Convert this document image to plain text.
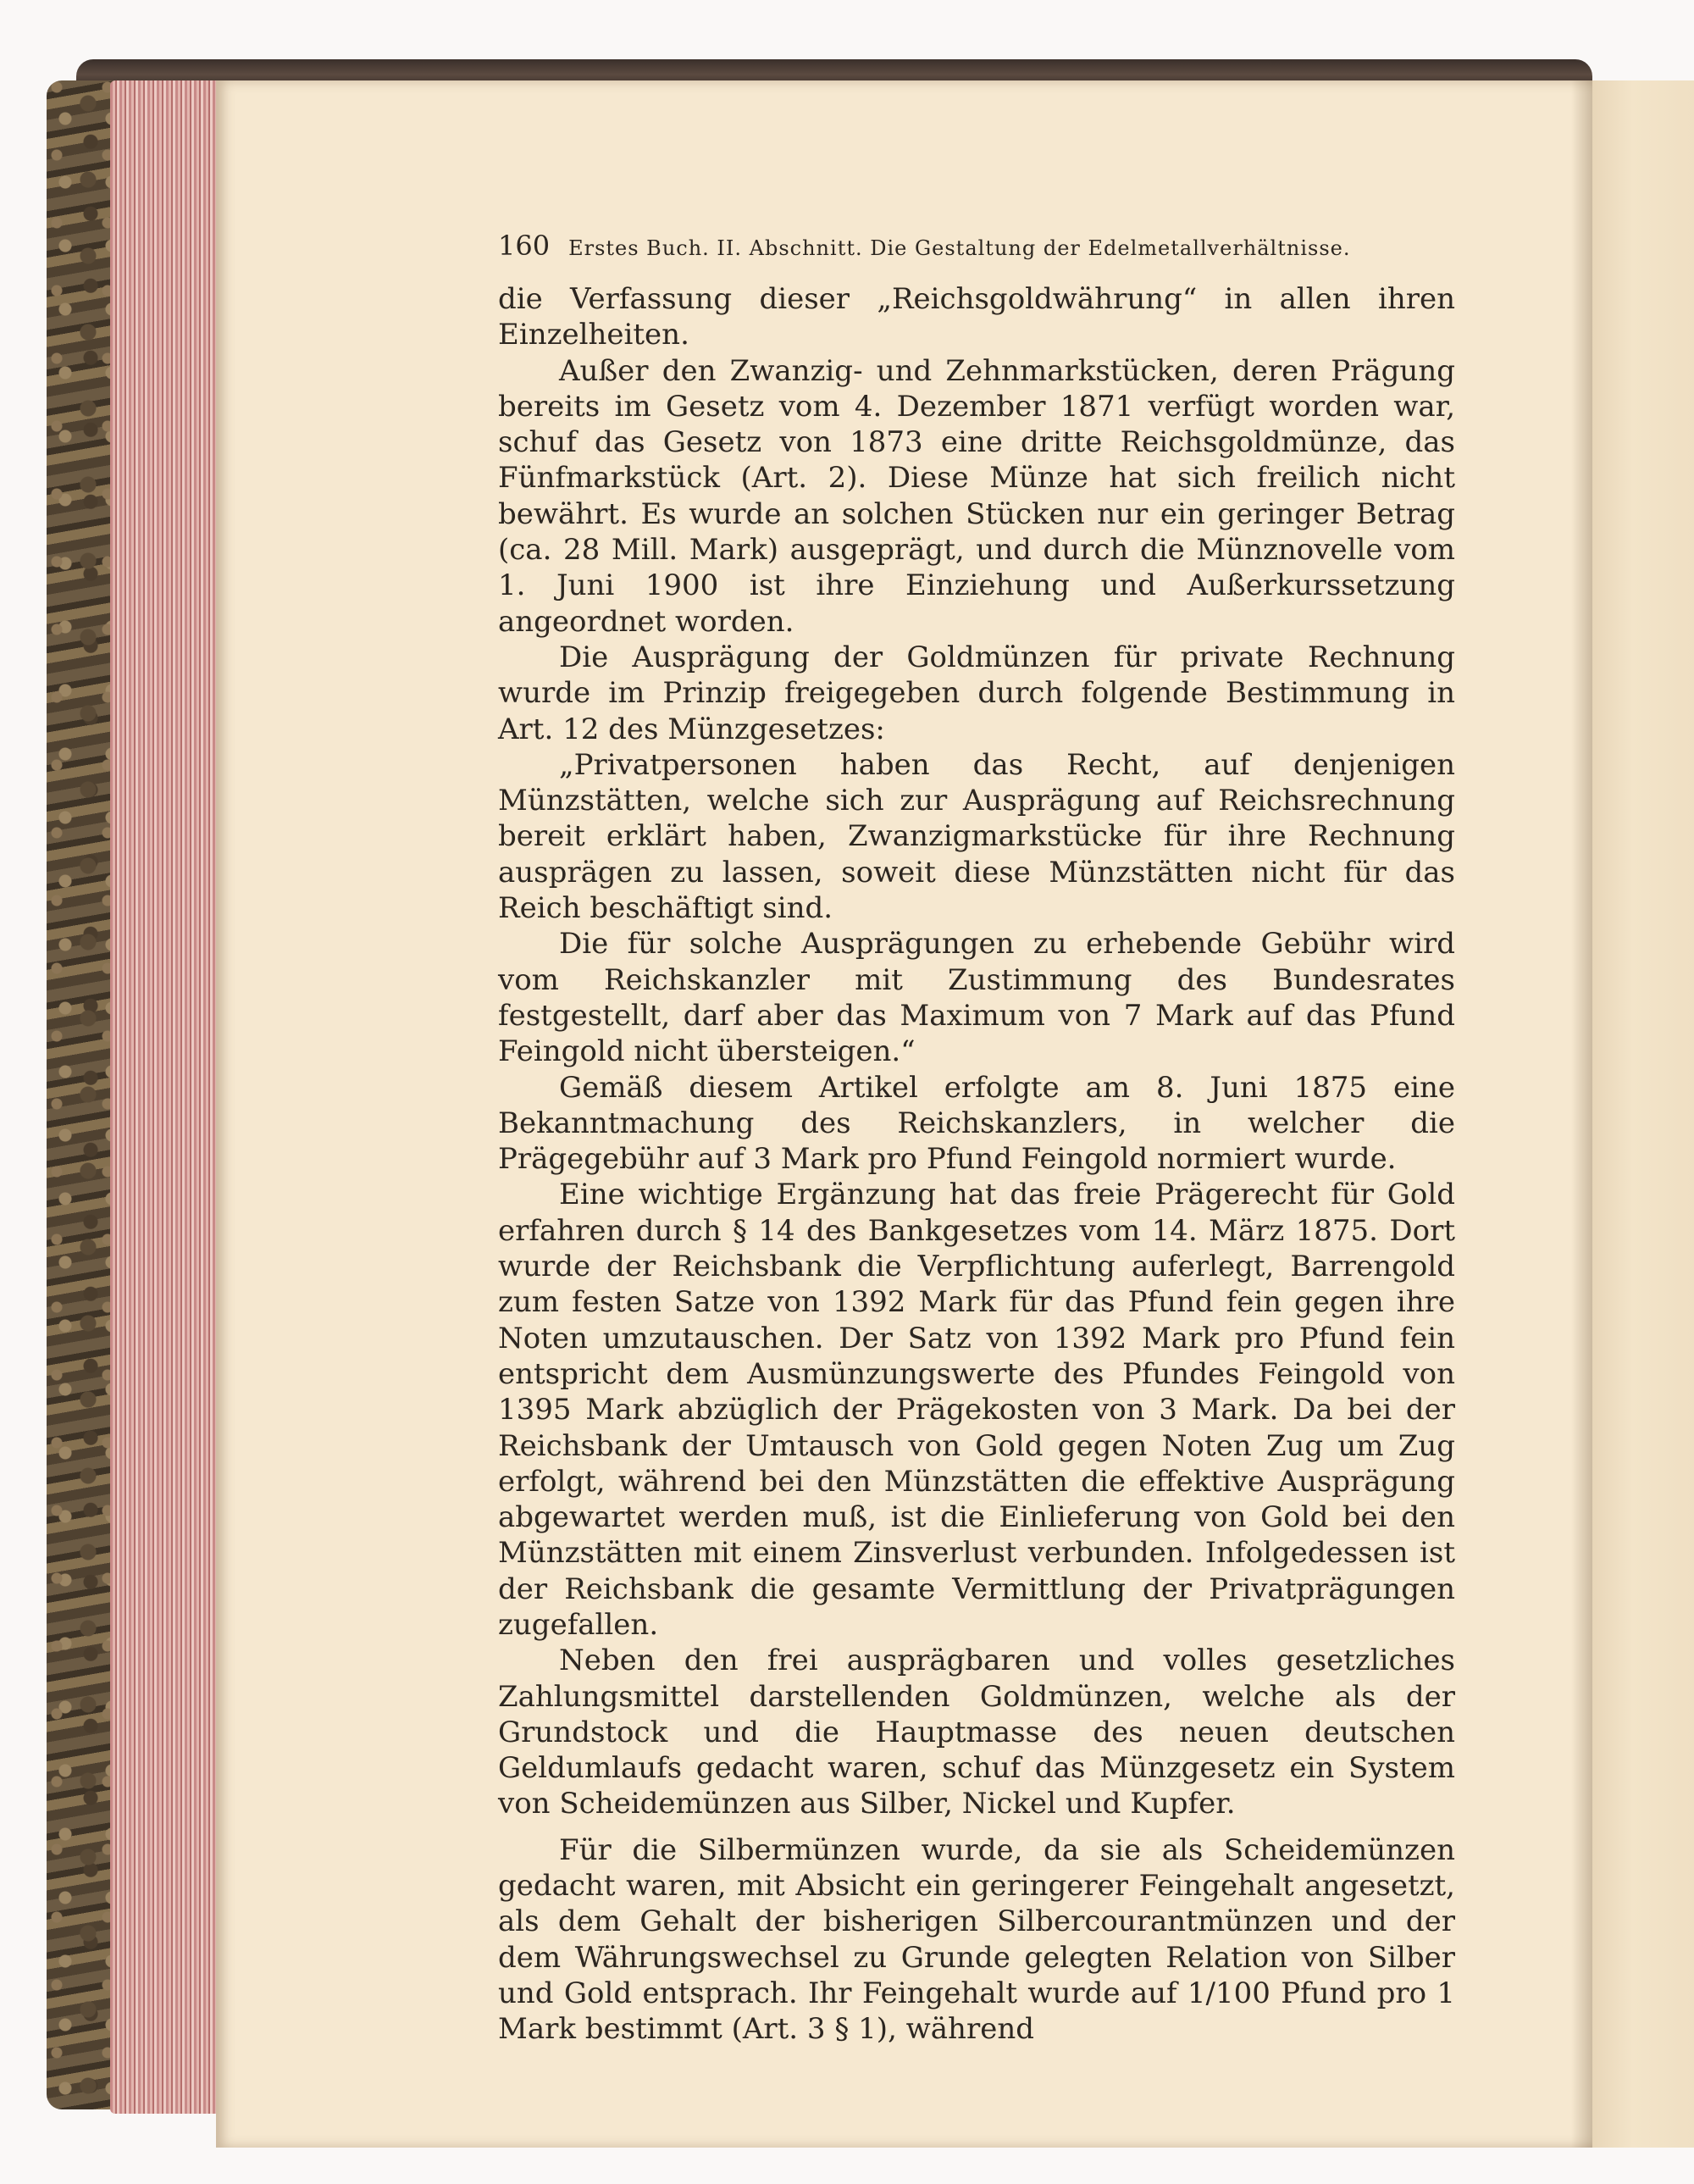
160 Erstes Buch. II. Abschnitt. Die Gestaltung der Edelmetallverhältnisse.

die Verfassung dieser „Reichsgoldwährung“ in allen ihren Einzelheiten.

Außer den Zwanzig- und Zehnmarkstücken, deren Prägung bereits im Gesetz vom 4. Dezember 1871 verfügt worden war, schuf das Gesetz von 1873 eine dritte Reichsgoldmünze, das Fünfmarkstück (Art. 2). Diese Münze hat sich freilich nicht bewährt. Es wurde an solchen Stücken nur ein geringer Betrag (ca. 28 Mill. Mark) ausgeprägt, und durch die Münznovelle vom 1. Juni 1900 ist ihre Einziehung und Außerkurssetzung angeordnet worden.

Die Ausprägung der Goldmünzen für private Rechnung wurde im Prinzip freigegeben durch folgende Bestimmung in Art. 12 des Münzgesetzes:

„Privatpersonen haben das Recht, auf denjenigen Münzstätten, welche sich zur Ausprägung auf Reichsrechnung bereit erklärt haben, Zwanzigmarkstücke für ihre Rechnung ausprägen zu lassen, soweit diese Münzstätten nicht für das Reich beschäftigt sind.

Die für solche Ausprägungen zu erhebende Gebühr wird vom Reichskanzler mit Zustimmung des Bundesrates festgestellt, darf aber das Maximum von 7 Mark auf das Pfund Feingold nicht übersteigen.“

Gemäß diesem Artikel erfolgte am 8. Juni 1875 eine Bekanntmachung des Reichskanzlers, in welcher die Prägegebühr auf 3 Mark pro Pfund Feingold normiert wurde.

Eine wichtige Ergänzung hat das freie Prägerecht für Gold erfahren durch § 14 des Bankgesetzes vom 14. März 1875. Dort wurde der Reichsbank die Verpflichtung auferlegt, Barrengold zum festen Satze von 1392 Mark für das Pfund fein gegen ihre Noten umzutauschen. Der Satz von 1392 Mark pro Pfund fein entspricht dem Ausmünzungswerte des Pfundes Feingold von 1395 Mark abzüglich der Prägekosten von 3 Mark. Da bei der Reichsbank der Umtausch von Gold gegen Noten Zug um Zug erfolgt, während bei den Münzstätten die effektive Ausprägung abgewartet werden muß, ist die Einlieferung von Gold bei den Münzstätten mit einem Zinsverlust verbunden. Infolgedessen ist der Reichsbank die gesamte Vermittlung der Privatprägungen zugefallen.

Neben den frei ausprägbaren und volles gesetzliches Zahlungsmittel darstellenden Goldmünzen, welche als der Grundstock und die Hauptmasse des neuen deutschen Geldumlaufs gedacht waren, schuf das Münzgesetz ein System von Scheidemünzen aus Silber, Nickel und Kupfer.

Für die Silbermünzen wurde, da sie als Scheidemünzen gedacht waren, mit Absicht ein geringerer Feingehalt angesetzt, als dem Gehalt der bisherigen Silbercourantmünzen und der dem Währungswechsel zu Grunde gelegten Relation von Silber und Gold entsprach. Ihr Feingehalt wurde auf 1/100 Pfund pro 1 Mark bestimmt (Art. 3 § 1), während
